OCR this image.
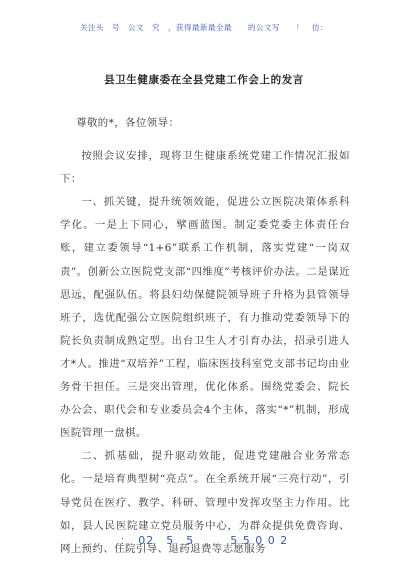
关注头　号　公文　究　，获得最新最全最　　的公文写　　！　仿：
县卫生健康委在全县党建工作会上的发言

尊敬的*，各位领导：

按照会议安排，现将卫生健康系统党建工作情况汇报如下：

一、抓关键，提升统领效能，促进公立医院决策体系科学化。一是上下同心，擘画蓝图。制定委党委主体责任台账，建立委领导“1+6”联系工作机制，落实党建“一岗双责”。创新公立医院党支部“四维度”考核评价办法。二是谋近思远，配强队伍。将县妇幼保健院领导班子升格为县管领导班子，选优配强公立医院组织班子，有力推动党委领导下的院长负责制成熟定型。出台卫生人才引育办法，招录引进人才*人。推进“双培养”工程，临床医技科室党支部书记均由业务骨干担任。三是突出管理，优化体系。围绕党委会、院长办公会、职代会和专业委员会4个主体，落实“*”机制，形成医院管理一盘棋。

二、抓基础，提升驱动效能，促进党建融合业务常态化。一是培育典型树“亮点”。在全系统开展“三亮行动”，引导党员在医疗、教学、科研、管理中发挥攻坚主力作用。比如，县人民医院建立党员服务中心，为群众提供免费咨询、网上预约、住院引导、退药退费等志愿服务

：　02　5　5　　　5 5 0 0 2
